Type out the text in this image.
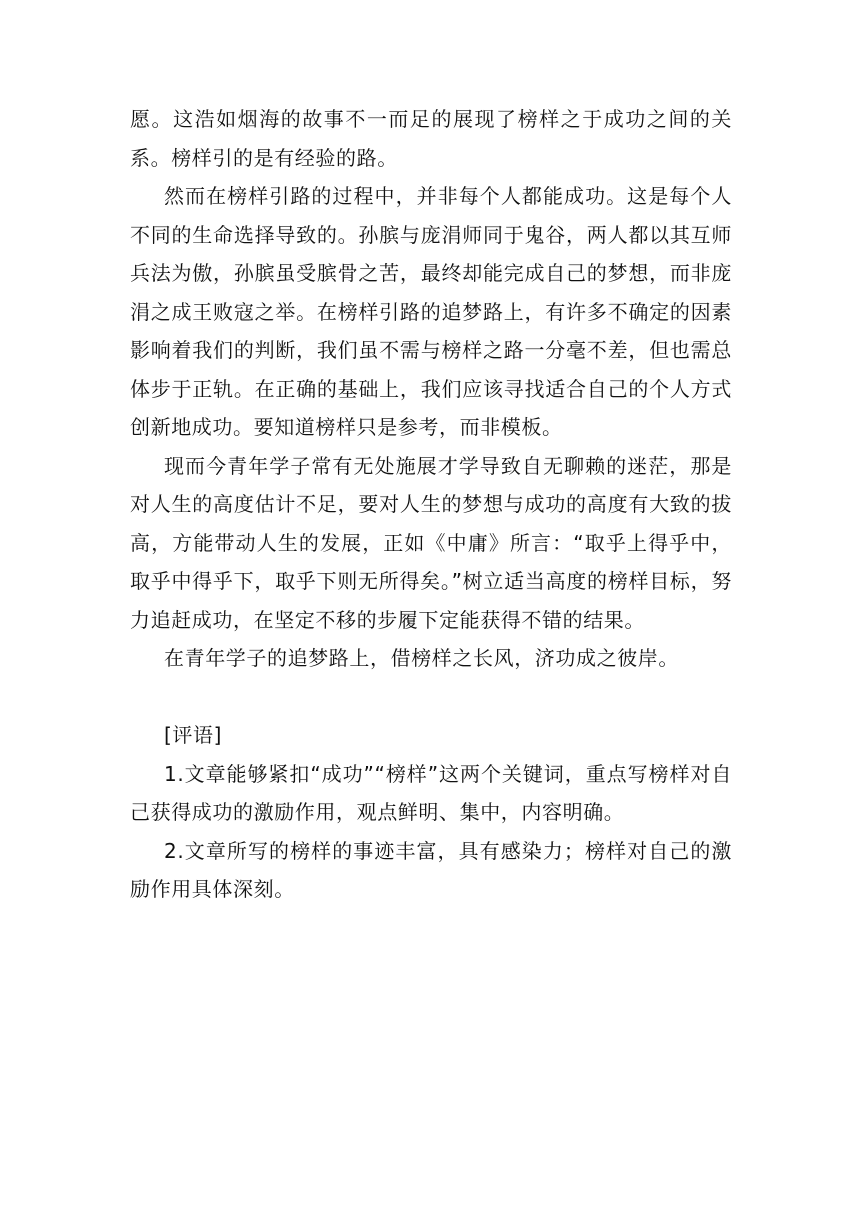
愿。这浩如烟海的故事不一而足的展现了榜样之于成功之间的关系。榜样引的是有经验的路。

然而在榜样引路的过程中，并非每个人都能成功。这是每个人不同的生命选择导致的。孙膑与庞涓师同于鬼谷，两人都以其互师兵法为傲，孙膑虽受膑骨之苦，最终却能完成自己的梦想，而非庞涓之成王败寇之举。在榜样引路的追梦路上，有许多不确定的因素影响着我们的判断，我们虽不需与榜样之路一分毫不差，但也需总体步于正轨。在正确的基础上，我们应该寻找适合自己的个人方式创新地成功。要知道榜样只是参考，而非模板。

现而今青年学子常有无处施展才学导致自无聊赖的迷茫，那是对人生的高度估计不足，要对人生的梦想与成功的高度有大致的拔高，方能带动人生的发展，正如《中庸》所言：“取乎上得乎中，取乎中得乎下，取乎下则无所得矣。”树立适当高度的榜样目标，努力追赶成功，在坚定不移的步履下定能获得不错的结果。

在青年学子的追梦路上，借榜样之长风，济功成之彼岸。

[评语]

1.文章能够紧扣“成功”“榜样”这两个关键词，重点写榜样对自己获得成功的激励作用，观点鲜明、集中，内容明确。

2.文章所写的榜样的事迹丰富，具有感染力；榜样对自己的激励作用具体深刻。
